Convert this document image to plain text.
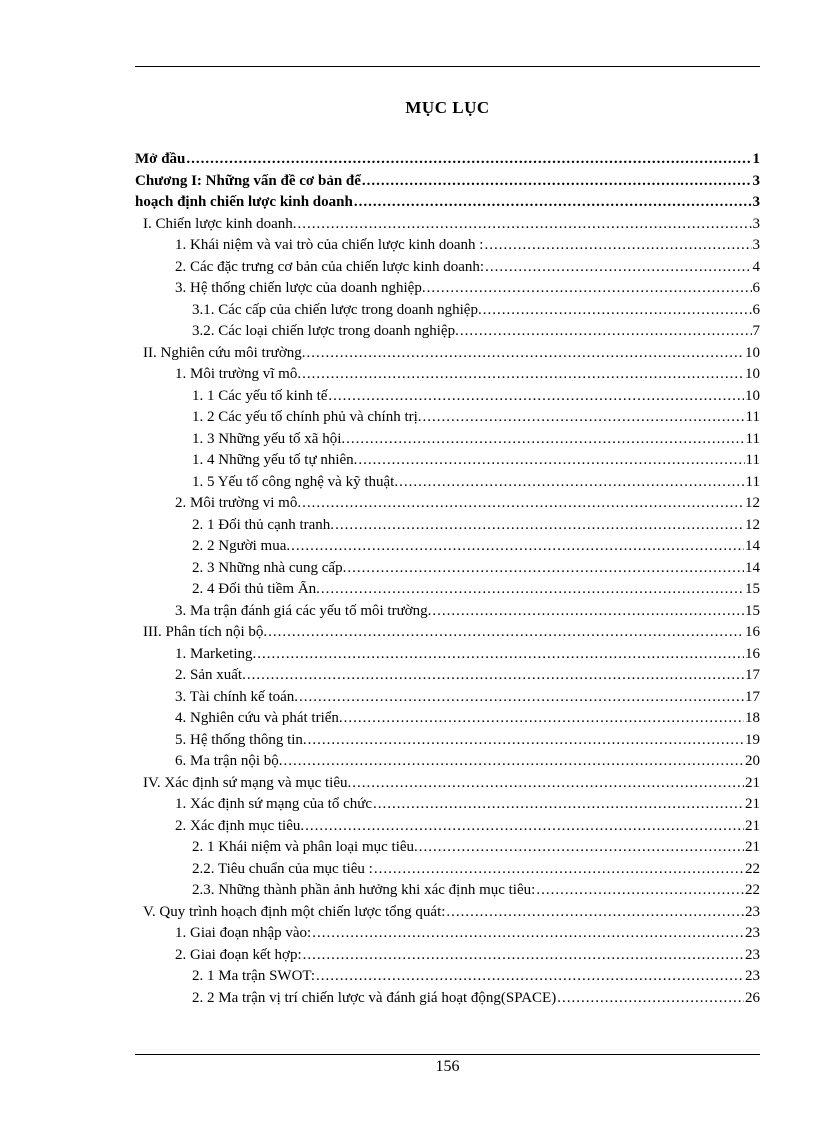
MỤC LỤC
Mở đầu .....	1
Chương I: Những vấn đề cơ bản để .....	3
hoạch định chiến lược kinh doanh .....	3
I. Chiến lược kinh doanh. .....	3
1. Khái niệm và vai trò của chiến lược kinh doanh : .....	3
2. Các đặc trưng cơ bản của chiến lược kinh doanh: .....	4
3. Hệ thống chiến lược của doanh nghiệp. .....	6
3.1. Các cấp của chiến lược trong doanh nghiệp. .....	6
3.2. Các loại chiến lược trong doanh nghiệp. .....	7
II. Nghiên cứu môi trường. .....	10
1. Môi trường vĩ mô. .....	10
1. 1 Các yếu tố kinh tế .....	10
1. 2 Các yếu tố chính phủ và chính trị. .....	11
1. 3 Những yếu tố xã hội. .....	11
1. 4 Những yếu tố tự nhiên. .....	11
1. 5 Yếu tố công nghệ và kỹ thuật. .....	11
2. Môi trường vi mô. .....	12
2. 1 Đối thủ cạnh tranh. .....	12
2. 2 Người mua. .....	14
2. 3 Những nhà cung cấp. .....	14
2. 4 Đối thủ tiềm Ẩn. .....	15
3. Ma trận đánh giá các yếu tố môi trường. .....	15
III. Phân tích nội bộ. .....	16
1. Marketing. .....	16
2. Sản xuất. .....	17
3. Tài chính kế toán. .....	17
4. Nghiên cứu và phát triển. .....	18
5. Hệ thống thông tin. .....	19
6. Ma trận nội bộ. .....	20
IV. Xác định sứ mạng và mục tiêu. .....	21
1. Xác định sứ mạng của tổ chức .....	21
2. Xác định mục tiêu. .....	21
2. 1 Khái niệm và phân loại mục tiêu. .....	21
2.2. Tiêu chuẩn của mục tiêu : .....	22
2.3. Những thành phần ảnh hưởng khi xác định mục tiêu: .....	22
V. Quy trình hoạch định một chiến lược tổng quát: .....	23
1. Giai đoạn nhập vào: .....	23
2. Giai đoạn kết hợp: .....	23
2. 1 Ma trận SWOT: .....	23
2. 2 Ma trận vị trí chiến lược và đánh giá hoạt động(SPACE) .....	26
156
